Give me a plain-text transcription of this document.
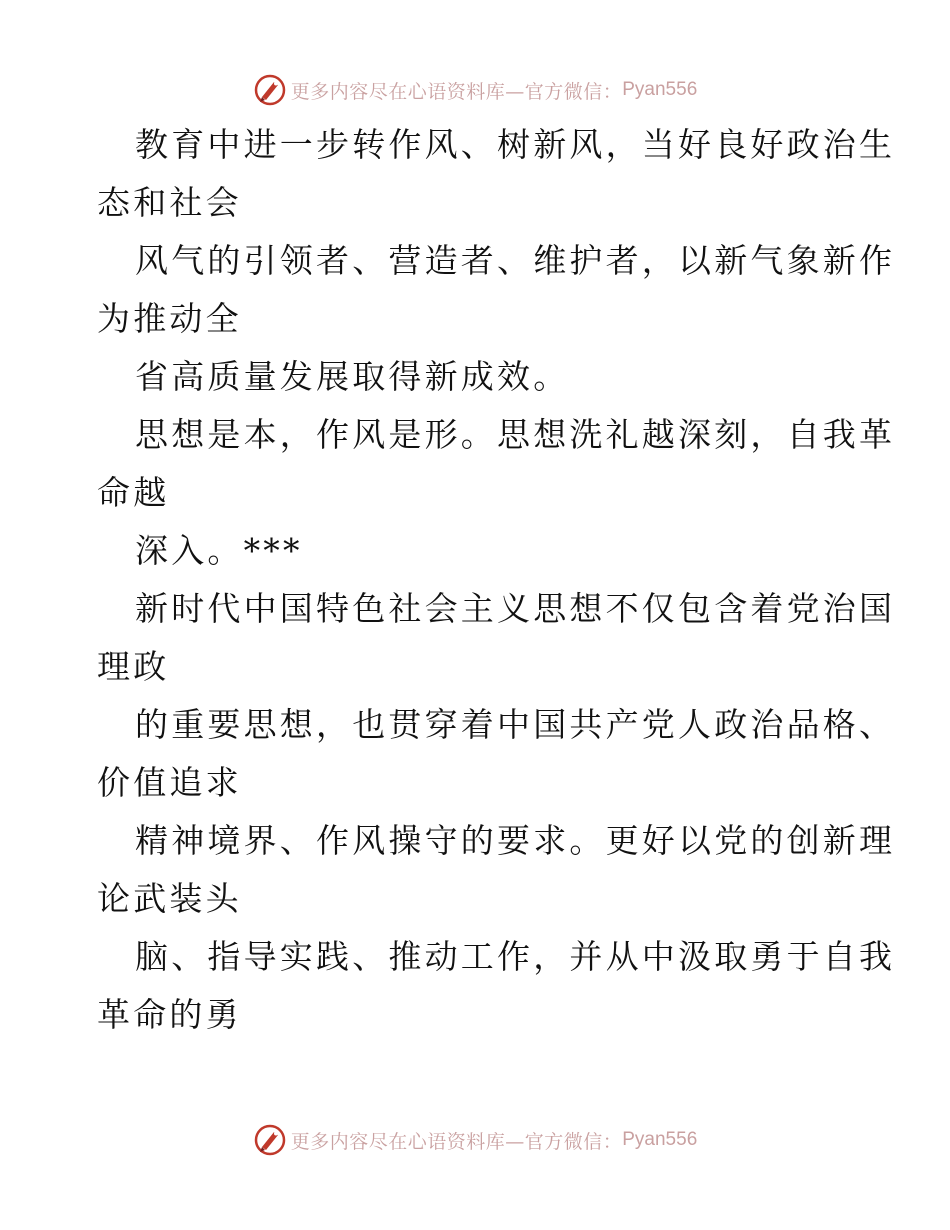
更多内容尽在心语资料库—官方微信： Pyan556
教育中进一步转作风、树新风，当好良好政治生
态和社会
风气的引领者、营造者、维护者，以新气象新作
为推动全
省高质量发展取得新成效。
思想是本，作风是形。思想洗礼越深刻，自我革
命越
深入。***
新时代中国特色社会主义思想不仅包含着党治国
理政
的重要思想，也贯穿着中国共产党人政治品格、
价值追求
精神境界、作风操守的要求。更好以党的创新理
论武装头
脑、指导实践、推动工作，并从中汲取勇于自我
革命的勇
更多内容尽在心语资料库—官方微信： Pyan556
